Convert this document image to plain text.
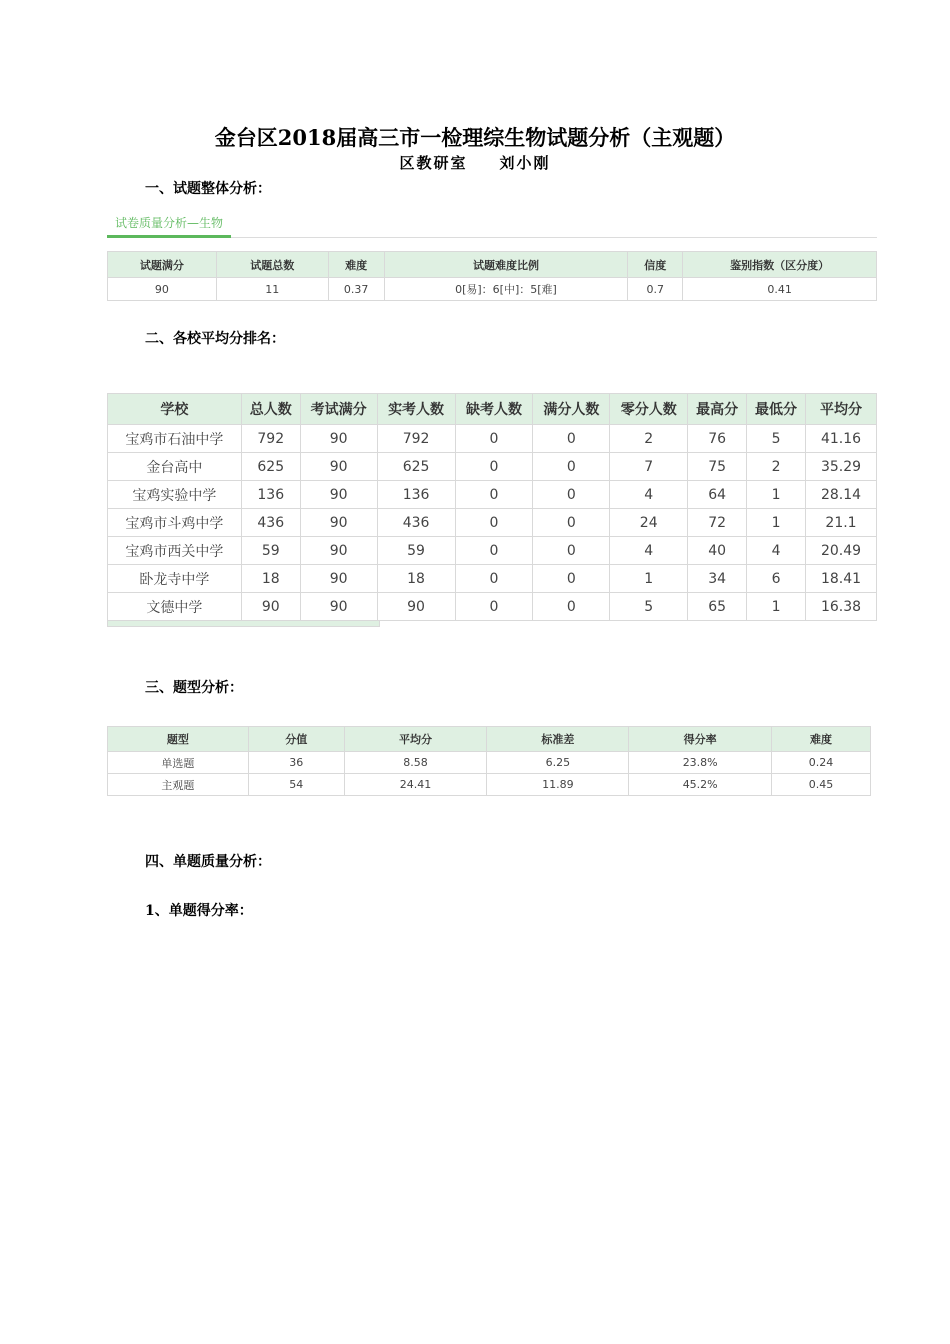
金台区2018届高三市一检理综生物试题分析（主观题）
区教研室 刘小刚
一、试题整体分析：
试卷质量分析—生物
试题满分	试题总数	难度	试题难度比例	信度	鉴别指数（区分度）
90	11	0.37	0[易]：6[中]：5[难]	0.7	0.41
二、各校平均分排名：
学校	总人数	考试满分	实考人数	缺考人数	满分人数	零分人数	最高分	最低分	平均分
宝鸡市石油中学	792	90	792	0	0	2	76	5	41.16
金台高中	625	90	625	0	0	7	75	2	35.29
宝鸡实验中学	136	90	136	0	0	4	64	1	28.14
宝鸡市斗鸡中学	436	90	436	0	0	24	72	1	21.1
宝鸡市西关中学	59	90	59	0	0	4	40	4	20.49
卧龙寺中学	18	90	18	0	0	1	34	6	18.41
文德中学	90	90	90	0	0	5	65	1	16.38
三、题型分析：
题型	分值	平均分	标准差	得分率	难度
单选题	36	8.58	6.25	23.8%	0.24
主观题	54	24.41	11.89	45.2%	0.45
四、单题质量分析：
1、单题得分率：
